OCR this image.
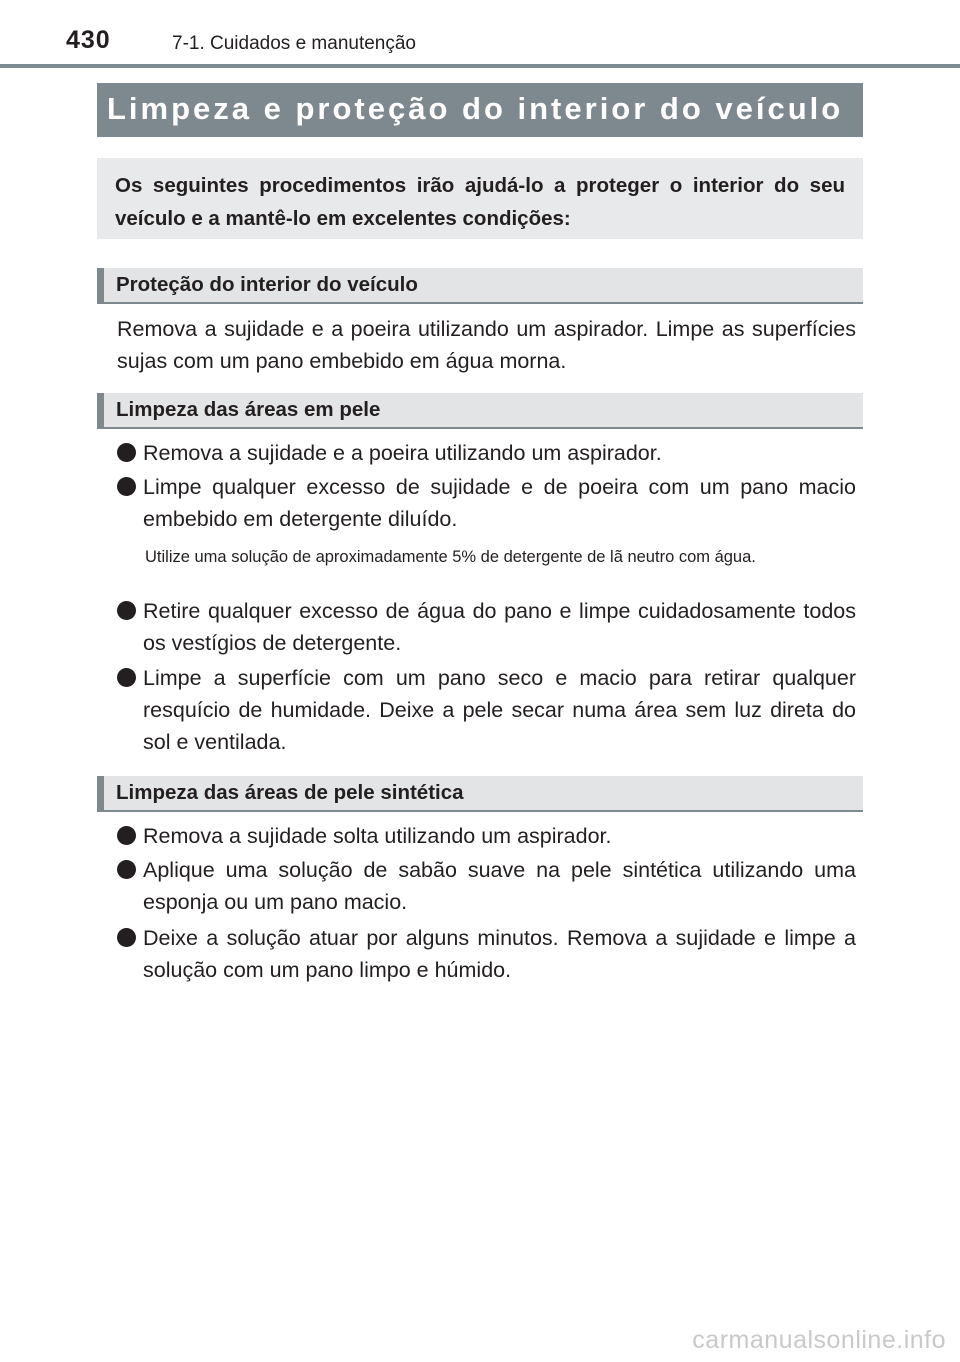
430	7-1. Cuidados e manutenção
Limpeza e proteção do interior do veículo
Os seguintes procedimentos irão ajudá-lo a proteger o interior do seu veículo e a mantê-lo em excelentes condições:
Proteção do interior do veículo
Remova a sujidade e a poeira utilizando um aspirador. Limpe as superfícies sujas com um pano embebido em água morna.
Limpeza das áreas em pele
Remova a sujidade e a poeira utilizando um aspirador.
Limpe qualquer excesso de sujidade e de poeira com um pano macio embebido em detergente diluído.
Utilize uma solução de aproximadamente 5% de detergente de lã neutro com água.
Retire qualquer excesso de água do pano e limpe cuidadosamente todos os vestígios de detergente.
Limpe a superfície com um pano seco e macio para retirar qualquer resquício de humidade. Deixe a pele secar numa área sem luz direta do sol e ventilada.
Limpeza das áreas de pele sintética
Remova a sujidade solta utilizando um aspirador.
Aplique uma solução de sabão suave na pele sintética utilizando uma esponja ou um pano macio.
Deixe a solução atuar por alguns minutos. Remova a sujidade e limpe a solução com um pano limpo e húmido.
carmanualsonline.info
